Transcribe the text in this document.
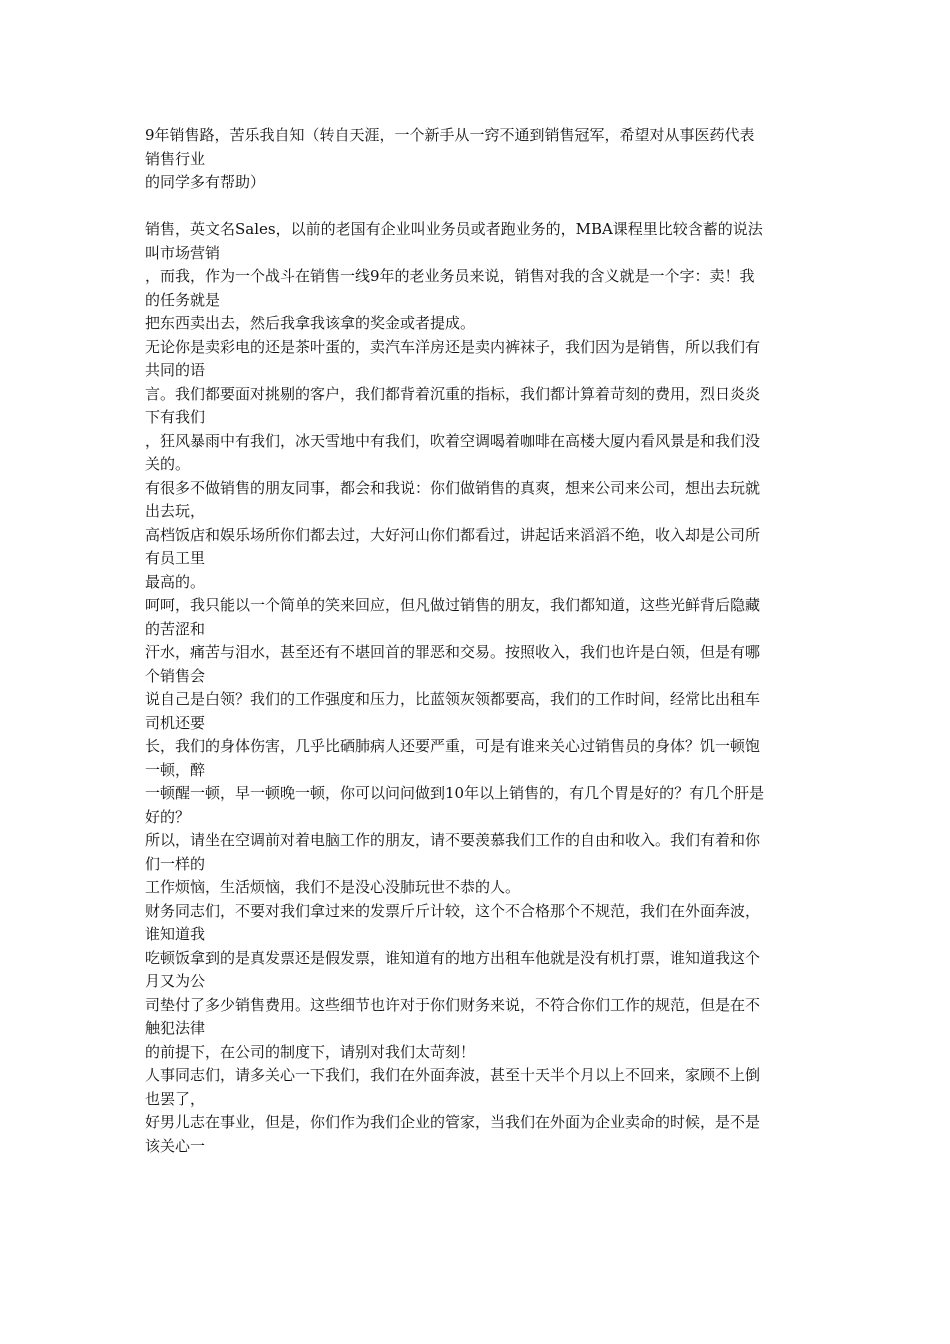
9年销售路，苦乐我自知（转自天涯，一个新手从一窍不通到销售冠军，希望对从事医药代表
销售行业
的同学多有帮助）
销售，英文名Sales，以前的老国有企业叫业务员或者跑业务的，MBA课程里比较含蓄的说法
叫市场营销
，而我，作为一个战斗在销售一线9年的老业务员来说，销售对我的含义就是一个字：卖！我
的任务就是
把东西卖出去，然后我拿我该拿的奖金或者提成。
无论你是卖彩电的还是茶叶蛋的，卖汽车洋房还是卖内裤袜子，我们因为是销售，所以我们有
共同的语
言。我们都要面对挑剔的客户，我们都背着沉重的指标，我们都计算着苛刻的费用，烈日炎炎
下有我们
，狂风暴雨中有我们，冰天雪地中有我们，吹着空调喝着咖啡在高楼大厦内看风景是和我们没
关的。
有很多不做销售的朋友同事，都会和我说：你们做销售的真爽，想来公司来公司，想出去玩就
出去玩，
高档饭店和娱乐场所你们都去过，大好河山你们都看过，讲起话来滔滔不绝，收入却是公司所
有员工里
最高的。
呵呵，我只能以一个简单的笑来回应，但凡做过销售的朋友，我们都知道，这些光鲜背后隐藏
的苦涩和
汗水，痛苦与泪水，甚至还有不堪回首的罪恶和交易。按照收入，我们也许是白领，但是有哪
个销售会
说自己是白领？我们的工作强度和压力，比蓝领灰领都要高，我们的工作时间，经常比出租车
司机还要
长，我们的身体伤害，几乎比硒肺病人还要严重，可是有谁来关心过销售员的身体？饥一顿饱
一顿，醉
一顿醒一顿，早一顿晚一顿，你可以问问做到10年以上销售的，有几个胃是好的？有几个肝是
好的？
所以，请坐在空调前对着电脑工作的朋友，请不要羡慕我们工作的自由和收入。我们有着和你
们一样的
工作烦恼，生活烦恼，我们不是没心没肺玩世不恭的人。
财务同志们，不要对我们拿过来的发票斤斤计较，这个不合格那个不规范，我们在外面奔波，
谁知道我
吃顿饭拿到的是真发票还是假发票，谁知道有的地方出租车他就是没有机打票，谁知道我这个
月又为公
司垫付了多少销售费用。这些细节也许对于你们财务来说，不符合你们工作的规范，但是在不
触犯法律
的前提下，在公司的制度下，请别对我们太苛刻！
人事同志们，请多关心一下我们，我们在外面奔波，甚至十天半个月以上不回来，家顾不上倒
也罢了，
好男儿志在事业，但是，你们作为我们企业的管家，当我们在外面为企业卖命的时候，是不是
该关心一
